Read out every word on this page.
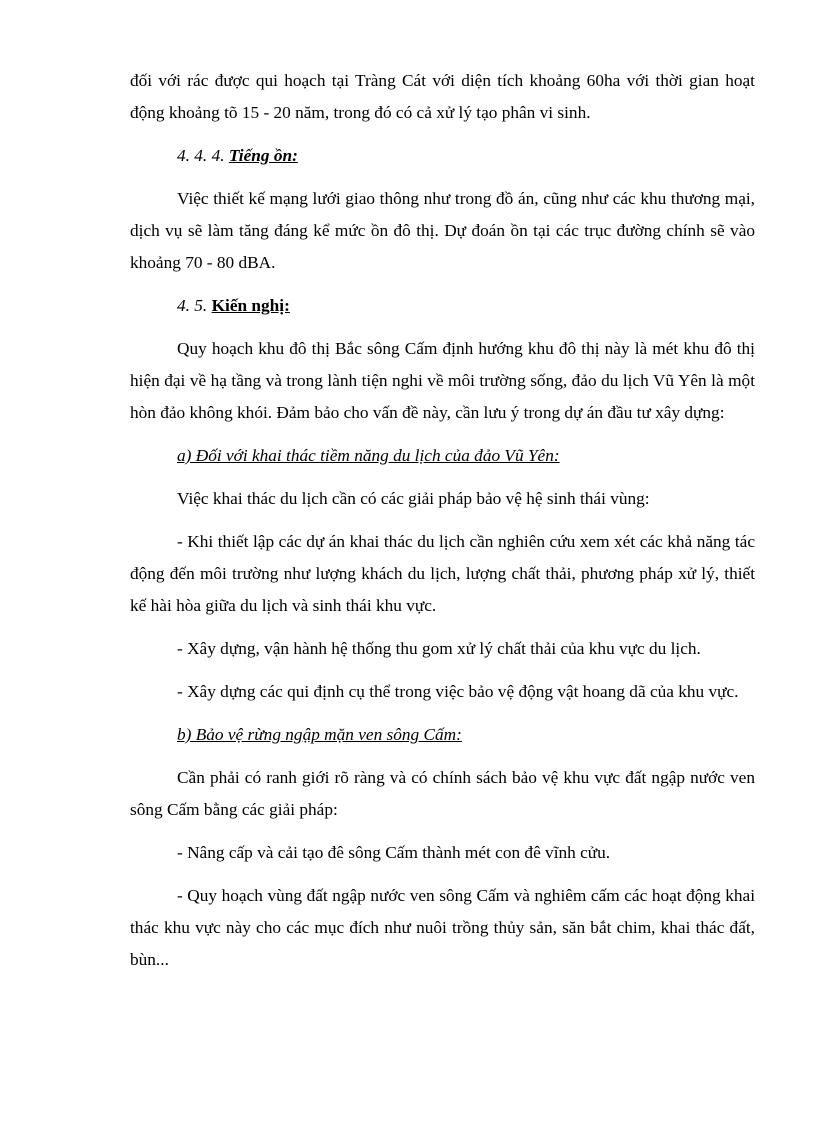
đối với rác được qui hoạch tại Tràng Cát với diện tích khoảng 60ha với thời gian hoạt động khoảng tõ 15 - 20 năm, trong đó có cả xử lý tạo phân vi sinh.

4. 4. 4. Tiếng ồn:

Việc thiết kế mạng lưới giao thông như trong đồ án, cũng như các khu thương mại, dịch vụ sẽ làm tăng đáng kể mức ồn đô thị. Dự đoán ồn tại các trục đường chính sẽ vào khoảng 70 - 80 dBA.

4. 5. Kiến nghị:

Quy hoạch khu đô thị Bắc sông Cấm định hướng khu đô thị này là mét khu đô thị hiện đại về hạ tầng và trong lành tiện nghi về môi trường sống, đảo du lịch Vũ Yên là một hòn đảo không khói. Đảm bảo cho vấn đề này, cần lưu ý trong dự án đầu tư xây dựng:

a) Đối với khai thác tiềm năng du lịch của đảo Vũ Yên:

Việc khai thác du lịch cần có các giải pháp bảo vệ hệ sinh thái vùng:

- Khi thiết lập các dự án khai thác du lịch cần nghiên cứu xem xét các khả năng tác động đến môi trường như lượng khách du lịch, lượng chất thải, phương pháp xử lý, thiết kế hài hòa giữa du lịch và sinh thái khu vực.

- Xây dựng, vận hành hệ thống thu gom xử lý chất thải của khu vực du lịch.

- Xây dựng các qui định cụ thể trong việc bảo vệ động vật hoang dã của khu vực.

b) Bảo vệ rừng ngập mặn ven sông Cấm:

Cần phải có ranh giới rõ ràng và có chính sách bảo vệ khu vực đất ngập nước ven sông Cấm bằng các giải pháp:

- Nâng cấp và cải tạo đê sông Cấm thành mét con đê vĩnh cửu.

- Quy hoạch vùng đất ngập nước ven sông Cấm và nghiêm cấm các hoạt động khai thác khu vực này cho các mục đích như nuôi trồng thủy sản, săn bắt chim, khai thác đất, bùn...
